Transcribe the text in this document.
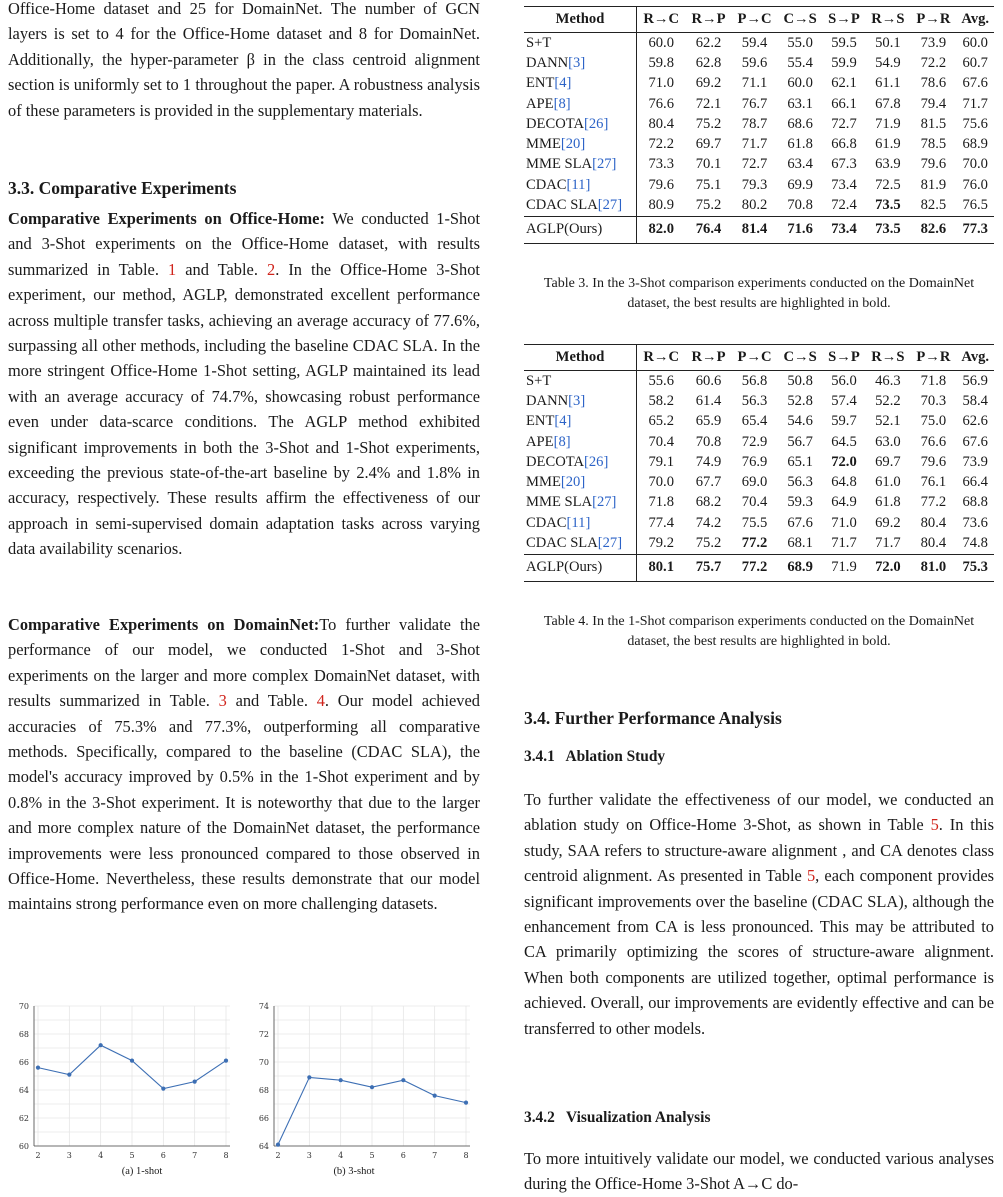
Office-Home dataset and 25 for DomainNet. The number of GCN layers is set to 4 for the Office-Home dataset and 8 for DomainNet. Additionally, the hyper-parameter β in the class centroid alignment section is uniformly set to 1 throughout the paper. A robustness analysis of these parameters is provided in the supplementary materials.

3.3. Comparative Experiments

Comparative Experiments on Office-Home: We conducted 1-Shot and 3-Shot experiments on the Office-Home dataset, with results summarized in Table. 1 and Table. 2. In the Office-Home 3-Shot experiment, our method, AGLP, demonstrated excellent performance across multiple transfer tasks, achieving an average accuracy of 77.6%, surpassing all other methods, including the baseline CDAC SLA. In the more stringent Office-Home 1-Shot setting, AGLP maintained its lead with an average accuracy of 74.7%, showcasing robust performance even under data-scarce conditions. The AGLP method exhibited significant improvements in both the 3-Shot and 1-Shot experiments, exceeding the previous state-of-the-art baseline by 2.4% and 1.8% in accuracy, respectively. These results affirm the effectiveness of our approach in semi-supervised domain adaptation tasks across varying data availability scenarios.

Comparative Experiments on DomainNet:To further validate the performance of our model, we conducted 1-Shot and 3-Shot experiments on the larger and more complex DomainNet dataset, with results summarized in Table. 3 and Table. 4. Our model achieved accuracies of 75.3% and 77.3%, outperforming all comparative methods. Specifically, compared to the baseline (CDAC SLA), the model's accuracy improved by 0.5% in the 1-Shot experiment and by 0.8% in the 3-Shot experiment. It is noteworthy that due to the larger and more complex nature of the DomainNet dataset, the performance improvements were less pronounced compared to those observed in Office-Home. Nevertheless, these results demonstrate that our model maintains strong performance even on more challenging datasets.

60
62
64
66
68
70
2	3	4	5	6	7	8
(a) 1-shot
64
66
68
70
72
74
2	3	4	5	6	7	8
(b) 3-shot
Method	R→C	R→P	P→C	C→S	S→P	R→S	P→R	Avg.
S+T	60.0	62.2	59.4	55.0	59.5	50.1	73.9	60.0
DANN[3]	59.8	62.8	59.6	55.4	59.9	54.9	72.2	60.7
ENT[4]	71.0	69.2	71.1	60.0	62.1	61.1	78.6	67.6
APE[8]	76.6	72.1	76.7	63.1	66.1	67.8	79.4	71.7
DECOTA[26]	80.4	75.2	78.7	68.6	72.7	71.9	81.5	75.6
MME[20]	72.2	69.7	71.7	61.8	66.8	61.9	78.5	68.9
MME SLA[27]	73.3	70.1	72.7	63.4	67.3	63.9	79.6	70.0
CDAC[11]	79.6	75.1	79.3	69.9	73.4	72.5	81.9	76.0
CDAC SLA[27]	80.9	75.2	80.2	70.8	72.4	73.5	82.5	76.5
AGLP(Ours)	82.0	76.4	81.4	71.6	73.4	73.5	82.6	77.3

Table 3. In the 3-Shot comparison experiments conducted on the DomainNet dataset, the best results are highlighted in bold.

Method	R→C	R→P	P→C	C→S	S→P	R→S	P→R	Avg.
S+T	55.6	60.6	56.8	50.8	56.0	46.3	71.8	56.9
DANN[3]	58.2	61.4	56.3	52.8	57.4	52.2	70.3	58.4
ENT[4]	65.2	65.9	65.4	54.6	59.7	52.1	75.0	62.6
APE[8]	70.4	70.8	72.9	56.7	64.5	63.0	76.6	67.6
DECOTA[26]	79.1	74.9	76.9	65.1	72.0	69.7	79.6	73.9
MME[20]	70.0	67.7	69.0	56.3	64.8	61.0	76.1	66.4
MME SLA[27]	71.8	68.2	70.4	59.3	64.9	61.8	77.2	68.8
CDAC[11]	77.4	74.2	75.5	67.6	71.0	69.2	80.4	73.6
CDAC SLA[27]	79.2	75.2	77.2	68.1	71.7	71.7	80.4	74.8
AGLP(Ours)	80.1	75.7	77.2	68.9	71.9	72.0	81.0	75.3

Table 4. In the 1-Shot comparison experiments conducted on the DomainNet dataset, the best results are highlighted in bold.

3.4. Further Performance Analysis
3.4.1   Ablation Study

To further validate the effectiveness of our model, we conducted an ablation study on Office-Home 3-Shot, as shown in Table 5. In this study, SAA refers to structure-aware alignment , and CA denotes class centroid alignment. As presented in Table 5, each component provides significant improvements over the baseline (CDAC SLA), although the enhancement from CA is less pronounced. This may be attributed to CA primarily optimizing the scores of structure-aware alignment. When both components are utilized together, optimal performance is achieved. Overall, our improvements are evidently effective and can be transferred to other models.

3.4.2   Visualization Analysis

To more intuitively validate our model, we conducted various analyses during the Office-Home 3-Shot A→C do-
